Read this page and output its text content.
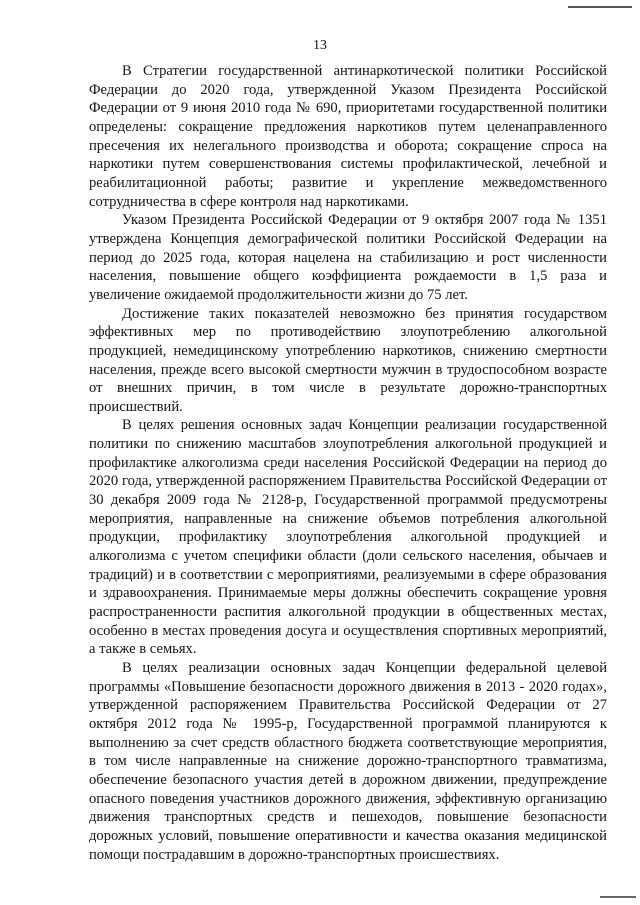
13

В Стратегии государственной антинаркотической политики Российской Федерации до 2020 года, утвержденной Указом Президента Российской Федерации от 9 июня 2010 года № 690, приоритетами государственной политики определены: сокращение предложения наркотиков путем целенаправленного пресечения их нелегального производства и оборота; сокращение спроса на наркотики путем совершенствования системы профилактической, лечебной и реабилитационной работы; развитие и укрепление межведомственного сотрудничества в сфере контроля над наркотиками.

Указом Президента Российской Федерации от 9 октября 2007 года № 1351 утверждена Концепция демографической политики Российской Федерации на период до 2025 года, которая нацелена на стабилизацию и рост численности населения, повышение общего коэффициента рождаемости в 1,5 раза и увеличение ожидаемой продолжительности жизни до 75 лет.

Достижение таких показателей невозможно без принятия государством эффективных мер по противодействию злоупотреблению алкогольной продукцией, немедицинскому употреблению наркотиков, снижению смертности населения, прежде всего высокой смертности мужчин в трудоспособном возрасте от внешних причин, в том числе в результате дорожно-транспортных происшествий.

В целях решения основных задач Концепции реализации государственной политики по снижению масштабов злоупотребления алкогольной продукцией и профилактике алкоголизма среди населения Российской Федерации на период до 2020 года, утвержденной распоряжением Правительства Российской Федерации от 30 декабря 2009 года № 2128-р, Государственной программой предусмотрены мероприятия, направленные на снижение объемов потребления алкогольной продукции, профилактику злоупотребления алкогольной продукцией и алкоголизма с учетом специфики области (доли сельского населения, обычаев и традиций) и в соответствии с мероприятиями, реализуемыми в сфере образования и здравоохранения. Принимаемые меры должны обеспечить сокращение уровня распространенности распития алкогольной продукции в общественных местах, особенно в местах проведения досуга и осуществления спортивных мероприятий, а также в семьях.

В целях реализации основных задач Концепции федеральной целевой программы «Повышение безопасности дорожного движения в 2013 - 2020 годах», утвержденной распоряжением Правительства Российской Федерации от 27 октября 2012 года № 1995-р, Государственной программой планируются к выполнению за счет средств областного бюджета соответствующие мероприятия, в том числе направленные на снижение дорожно-транспортного травматизма, обеспечение безопасного участия детей в дорожном движении, предупреждение опасного поведения участников дорожного движения, эффективную организацию движения транспортных средств и пешеходов, повышение безопасности дорожных условий, повышение оперативности и качества оказания медицинской помощи пострадавшим в дорожно-транспортных происшествиях.
